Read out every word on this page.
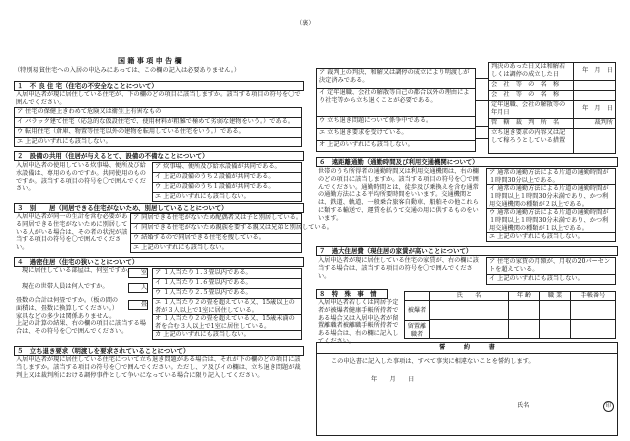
（裏）
国 籍 事 項 申 告 欄
（特別易貧住宅への入居の申込みにあっては、この欄の記入は必要ありません。）
１　不 良 住 宅（住宅の不安全なことについて）
入居申込者が現に居住している住宅が、下の欄のどの項目に該当しますか。該当する項目の符号を〇で囲んでください。
ア 住宅の保健上きわめて危険又は衛生上有害なもの
イ バラック建て住宅（応急的な仮設住宅で、使用材料が粗雑で極めて劣弱な建物をいう。）である。
ウ 転用住宅（倉庫、物置等住宅以外の建物を転用している住宅をいう。）である。
エ 上記のいずれにも該当しない。
２　設備の共用（住居が与えるとて、設備の不備なことについて）
入居申込者の使用している炊事場、便所及び給水設備は、専用のものですか。共同使用のものですか。該当する項目の符号を〇で囲んでください。
ア 炊事場、便所及び給水設備が共同である。
イ 上記の設備のうち２設備が共同である。
ウ 上記の設備のうち１設備が共同である。
エ 上記のいずれにも該当しない。
３　別　　居（同居できる住宅がないため、別居していることについて）
入居申込者が同一の生計を営む必要がある同居できる住宅がないために別居している人がいる場合は、その者の状況が該当する項目の符号を〇で囲んでください。
ア 同居できる住宅がないため配偶者又は子と別居している。
イ 同居できる住宅がないため親族を要する親又は兄弟と別居している。
ウ 結婚するので同居できる住宅を捜している。
エ 上記のいずれにも該当しない。
４　過密住居（住宅の狭いことについて）
現に居住している部屋は、何室ですか。	室
現在の世帯人員は何人ですか。	人
畳数の合計は何畳ですか。（板の間の面積は、畳数に換算してください。）家具などの多少は関係ありません。
畳
上記の計算の結果、右の欄の項目に該当する場合は、その符号を〇で囲んでください。
ア １人当たり１.３畳以内である。
イ １人当たり１.６畳以内である。
ウ １人当たり２.５畳以内である。
エ １人当たり２の畳を超えている又、15歳以上の者が３人以上で1室に居住している。
オ １人当たり２の畳を超えている又、15歳未満の者を合む３人以上で1室に居住している。
カ 上記のいずれにも該当しない。
５　立ち退き要求（明渡しを要求されていることについて）
入居申込者が現に居住している住宅について立ち退き問題がある場合は、それが下の欄のどの項目に該当しますか。該当する項目の符号を〇で囲んでください。ただし、ア及びイの欄は、立ち退き問題が裁判上又は裁判所における調停事件として争いになっている場合に限り記入してください。
ア 裁判上の判決、和解又は調停の成立により明渡しが決定済みである。
イ 定年退職、会社の解散等自己の都合以外の理由により社宅等から立ち退くことが必要である。
ウ 立ち退き問題について係争中である。
エ 立ち退き要求を受けている。
オ 上記のいずれにも該当しない。
判決のあった日又は和解若しくは調停の成立した日
年　月　日
会　社　等　の　名　称
会　社　等　の　名　称
定年退職、会社の解散等の年月日
年　月　日
管　轄　裁　判　所　名	裁判所
立ち退き要求の内容又は記して稼ろうとしている措置
６　遠距離通勤（通勤時間及び利用交通機関について）
世帯のうち所得者の通勤時間又は利用交通機関は、右の欄のどの項目に該当しますか。該当する項目の符号を〇で囲んでください。通勤時間とは、徒歩及び乗換えを含む通常の通勤方法による平均所要時間をいいます。交通機関とは、鉄道、軌道、一般乗合旅客自動車、船舶その他これらに類する輸送で、運賃を払うて交通の用に供するものをいいます。
ア 通常の通勤方法による片道の通勤時間が１時間30分以上である。
イ 通常の通勤方法による片道の通勤時間が１時間以上１時間30分未満であり、かつ利用交通機関の種類が２以上である。
ウ 通常の通勤方法による片道の通勤時間が１時間以上１時間30分未満であり、かつ利用交通機関の種類が１以上である。
エ 上記のいずれにも該当しない。
７　過大住居費（現住居の家賃が高いことについて）
入居申込者が現に居住している住宅の家賃が、右の欄に該当する場合は、該当する項目の符号を〇で囲んでください。
ア 住宅の家賃の月額が、月収の20パーセントを超えている。
イ 上記のいずれにも該当しない。
８　特　殊　事　情
入居申込者若しくは同居予定者が被爆者健康手帳所持者である場合又は入居申込者が留置離職者被離職手帳所持者である場合は、右の欄に記入してください。
被爆者
留置離職者
氏　　名	年 齢	職 業	手帳番号
誓　　　約　　　書
この申込書に記入した事項は、すべて事実に相違ないことを誓約します。
年　　月　　日
氏名	印
